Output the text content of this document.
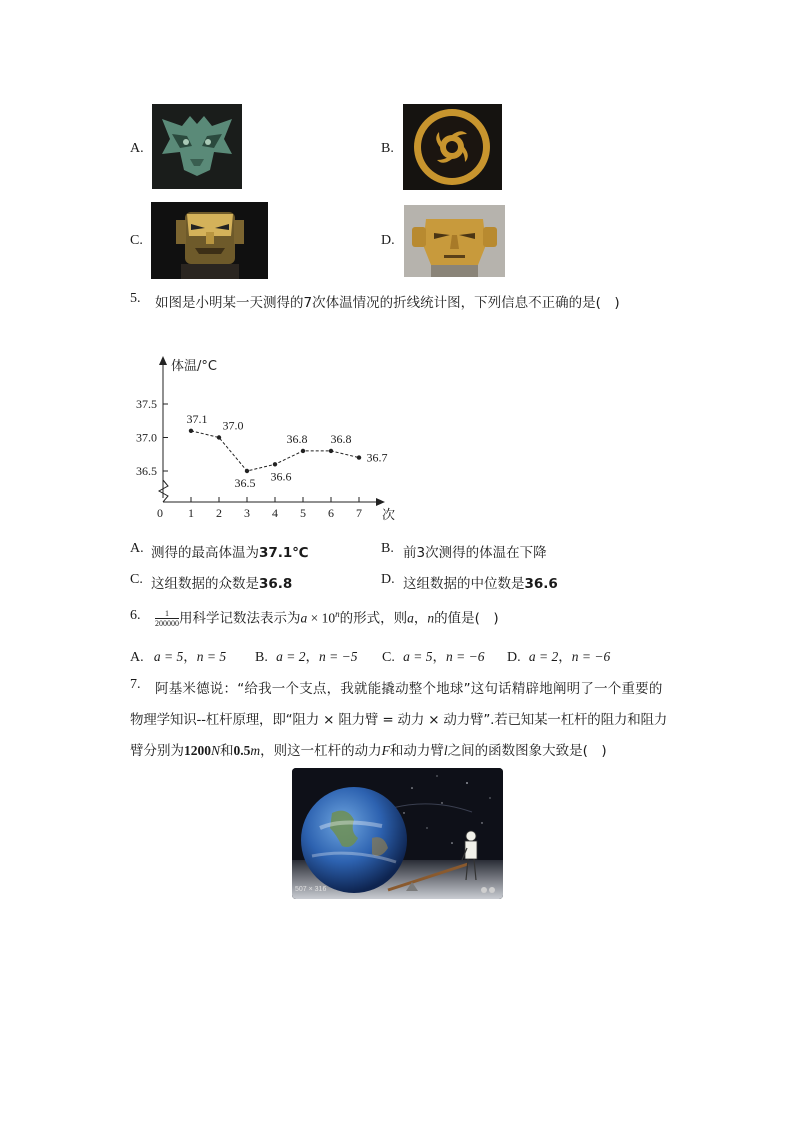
A.	B.
C.	D.
5. 如图是小明某一天测得的7次体温情况的折线统计图，下列信息不正确的是(　)
体温/°C
次
0
36.5
37.0
37.5
1 2 3 4 5 6 7
37.1 37.0
36.5 36.6
36.8 36.8
36.7
A. 测得的最高体温为37.1℃	B. 前3次测得的体温在下降
C. 这组数据的众数是36.8	D. 这组数据的中位数是36.6
6. $\frac{1}{200000}$ 用科学记数法表示为$a \times 10^n$的形式，则a，n的值是(　)
A. a = 5，n = 5 B. a = 2，n = −5 C. a = 5，n = −6 D. a = 2，n = −6
7. 阿基米德说：“给我一个支点，我就能撬动整个地球”这句话精辟地阐明了一个重要的
物理学知识--杠杆原理，即“阻力 × 阻力臂 = 动力 × 动力臂”.若已知某一杠杆的阻力和阻力
臂分别为1200N和0.5m，则这一杠杆的动力F和动力臂l之间的函数图象大致是(　)
507 × 316
